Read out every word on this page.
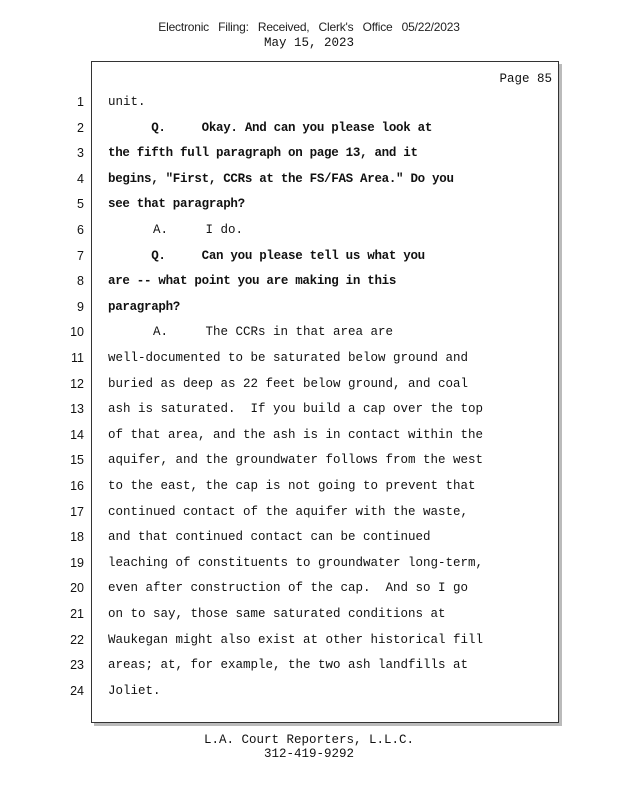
Electronic Filing: Received, Clerk's Office 05/22/2023
May 15, 2023
Page 85
1 unit.
2 Q.     Okay. And can you please look at
3 the fifth full paragraph on page 13, and it
4 begins, "First, CCRs at the FS/FAS Area." Do you
5 see that paragraph?
6 A.     I do.
7 Q.     Can you please tell us what you
8 are -- what point you are making in this
9 paragraph?
10 A.     The CCRs in that area are
11 well-documented to be saturated below ground and
12 buried as deep as 22 feet below ground, and coal
13 ash is saturated.  If you build a cap over the top
14 of that area, and the ash is in contact within the
15 aquifer, and the groundwater follows from the west
16 to the east, the cap is not going to prevent that
17 continued contact of the aquifer with the waste,
18 and that continued contact can be continued
19 leaching of constituents to groundwater long-term,
20 even after construction of the cap.  And so I go
21 on to say, those same saturated conditions at
22 Waukegan might also exist at other historical fill
23 areas; at, for example, the two ash landfills at
24 Joliet.
L.A. Court Reporters, L.L.C.
312-419-9292
